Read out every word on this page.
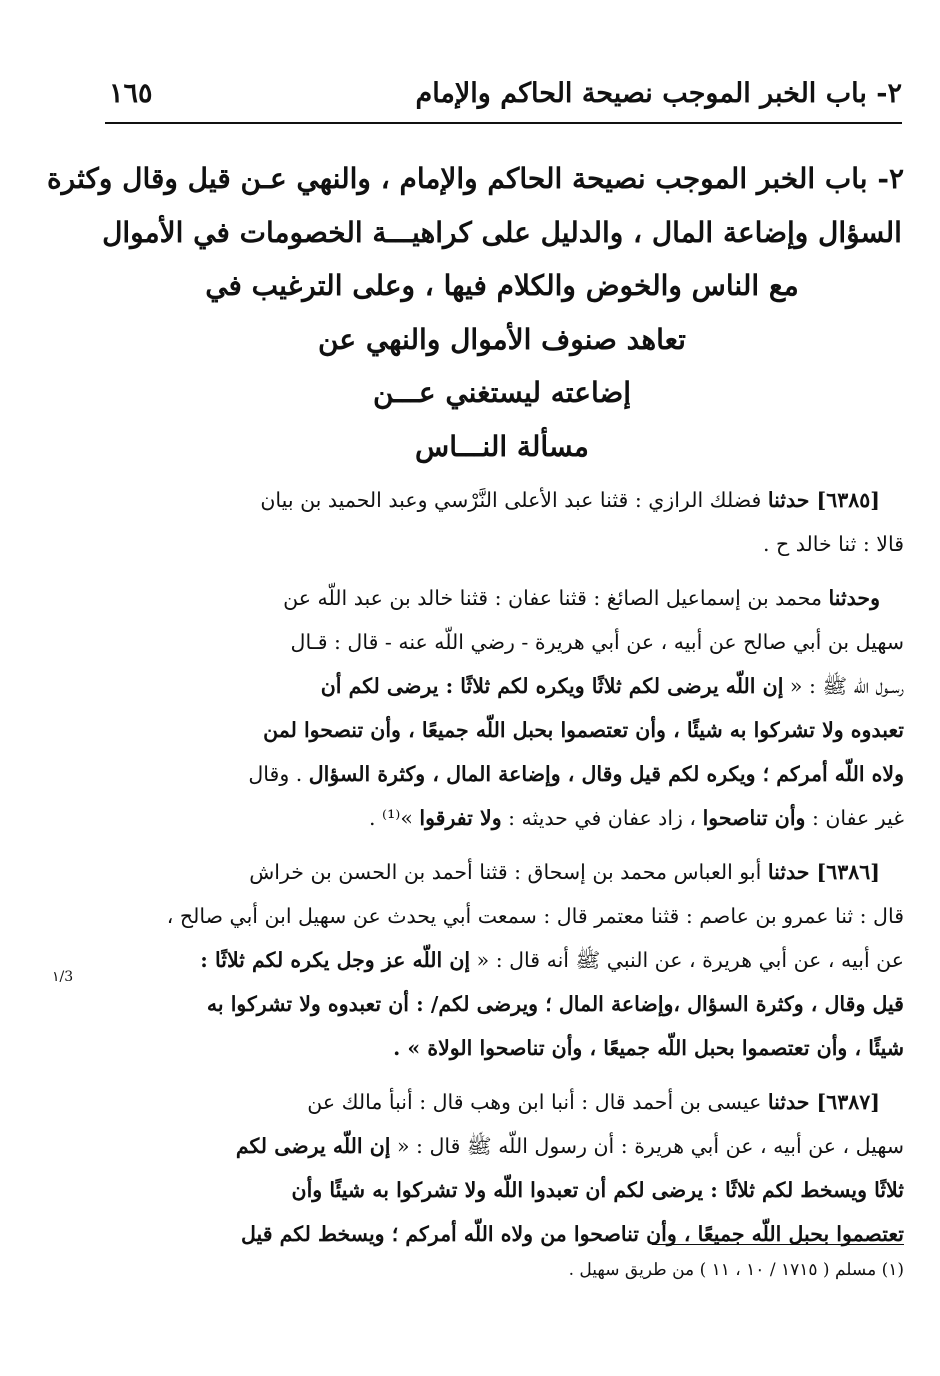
٢- باب الخبر الموجب نصيحة الحاكم والإمام
١٦٥
٢- باب الخبر الموجب نصيحة الحاكم والإمام ، والنهي عـن قيل وقال وكثرة
السؤال وإضاعة المال ، والدليل على كراهيـــة الخصومات في الأموال
مع الناس والخوض والكلام فيها ، وعلى الترغيب في
تعاهد صنوف الأموال والنهي عن
إضاعته ليستغني عـــن
مسألة النـــاس
[٦٣٨٥] حدثنا فضلك الرازي : قثنا عبد الأعلى النَّرْسي وعبد الحميد بن بيان
قالا : ثنا خالد ح .
وحدثنا محمد بن إسماعيل الصائغ : قثنا عفان : قثنا خالد بن عبد اللّه عن
سهيل بن أبي صالح عن أبيه ، عن أبي هريرة - رضي اللّه عنه - قال : قـال
رسـول اللّه ﷺ : « إن اللّه يرضى لكم ثلاثًا ويكره لكم ثلاثًا : يرضى لكم أن
تعبدوه ولا تشركوا به شيئًا ، وأن تعتصموا بحبل اللّه جميعًا ، وأن تنصحوا لمن
ولاه اللّه أمركم ؛ ويكره لكم قيل وقال ، وإضاعة المال ، وكثرة السؤال . وقال
غير عفان : وأن تناصحوا ، زاد عفان في حديثه : ولا تفرقوا »⁽¹⁾ .
[٦٣٨٦] حدثنا أبو العباس محمد بن إسحاق : قثنا أحمد بن الحسن بن خراش
قال : ثنا عمرو بن عاصم : قثنا معتمر قال : سمعت أبي يحدث عن سهيل ابن أبي صالح ،
عن أبيه ، عن أبي هريرة ، عن النبي ﷺ أنه قال : « إن اللّه عز وجل يكره لكم ثلاثًا :
قيل وقال ، وكثرة السؤال ،وإضاعة المال ؛ ويرضى لكم/ : أن تعبدوه ولا تشركوا به
شيئًا ، وأن تعتصموا بحبل اللّه جميعًا ، وأن تناصحوا الولاة » .
[٦٣٨٧] حدثنا عيسى بن أحمد قال : أنبا ابن وهب قال : أنبأ مالك عن
سهيل ، عن أبيه ، عن أبي هريرة : أن رسول اللّه ﷺ قال : « إن اللّه يرضى لكم
ثلاثًا ويسخط لكم ثلاثًا : يرضى لكم أن تعبدوا اللّه ولا تشركوا به شيئًا وأن
تعتصموا بحبل اللّه جميعًا ، وأن تناصحوا من ولاه اللّه أمركم ؛ ويسخط لكم قيل
١/3
(١) مسلم ( ١٧١٥ / ١٠ ، ١١ ) من طريق سهيل .
